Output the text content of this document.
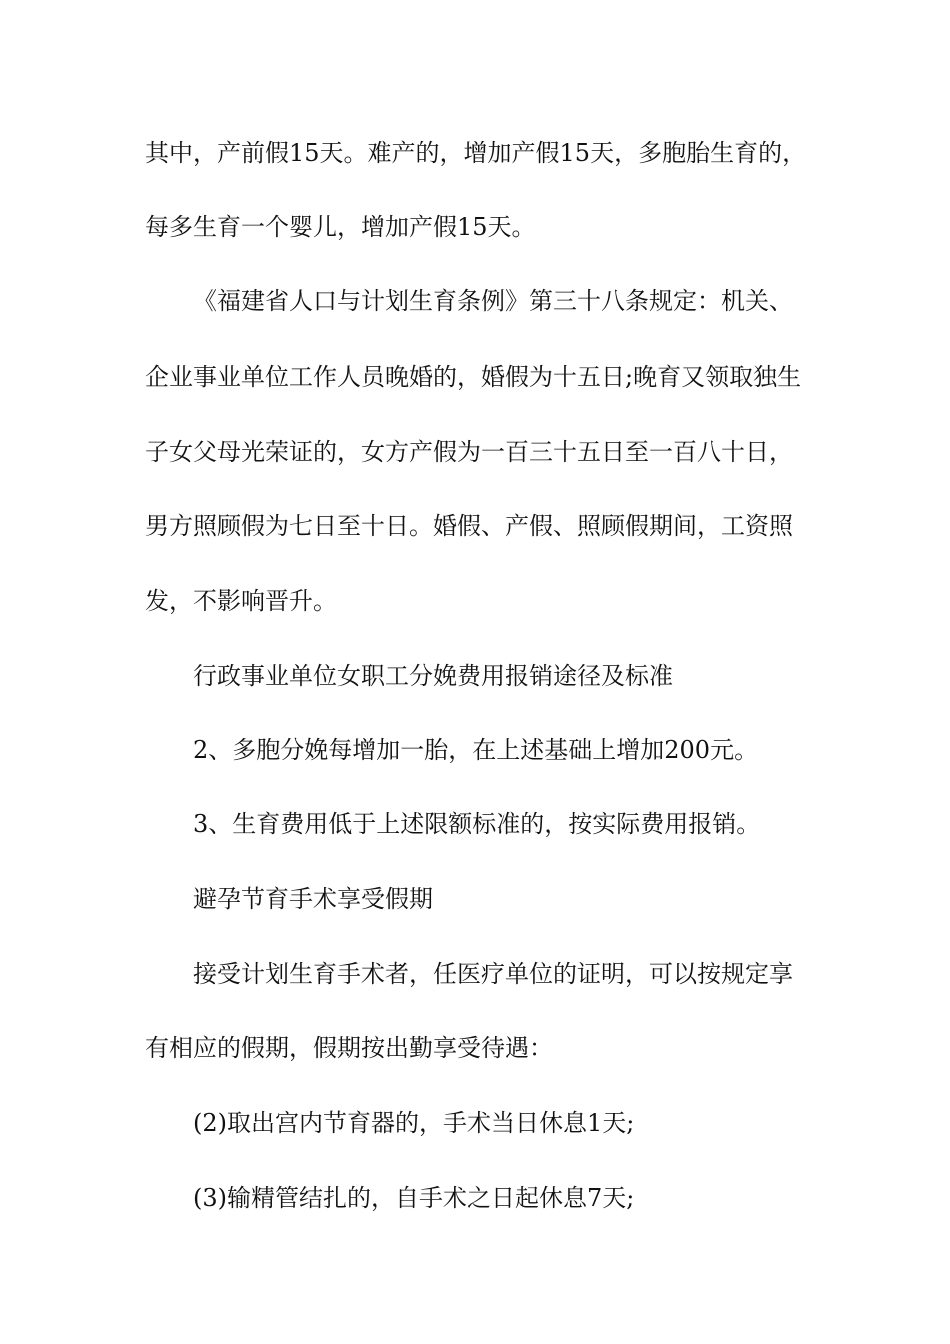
其中，产前假15天。难产的，增加产假15天，多胞胎生育的，
每多生育一个婴儿，增加产假15天。
《福建省人口与计划生育条例》第三十八条规定：机关、
企业事业单位工作人员晚婚的，婚假为十五日;晚育又领取独生
子女父母光荣证的，女方产假为一百三十五日至一百八十日，
男方照顾假为七日至十日。婚假、产假、照顾假期间，工资照
发，不影响晋升。
行政事业单位女职工分娩费用报销途径及标准
2、多胞分娩每增加一胎，在上述基础上增加200元。
3、生育费用低于上述限额标准的，按实际费用报销。
避孕节育手术享受假期
接受计划生育手术者，任医疗单位的证明，可以按规定享
有相应的假期，假期按出勤享受待遇：
(2)取出宫内节育器的，手术当日休息1天;
(3)输精管结扎的，自手术之日起休息7天;
